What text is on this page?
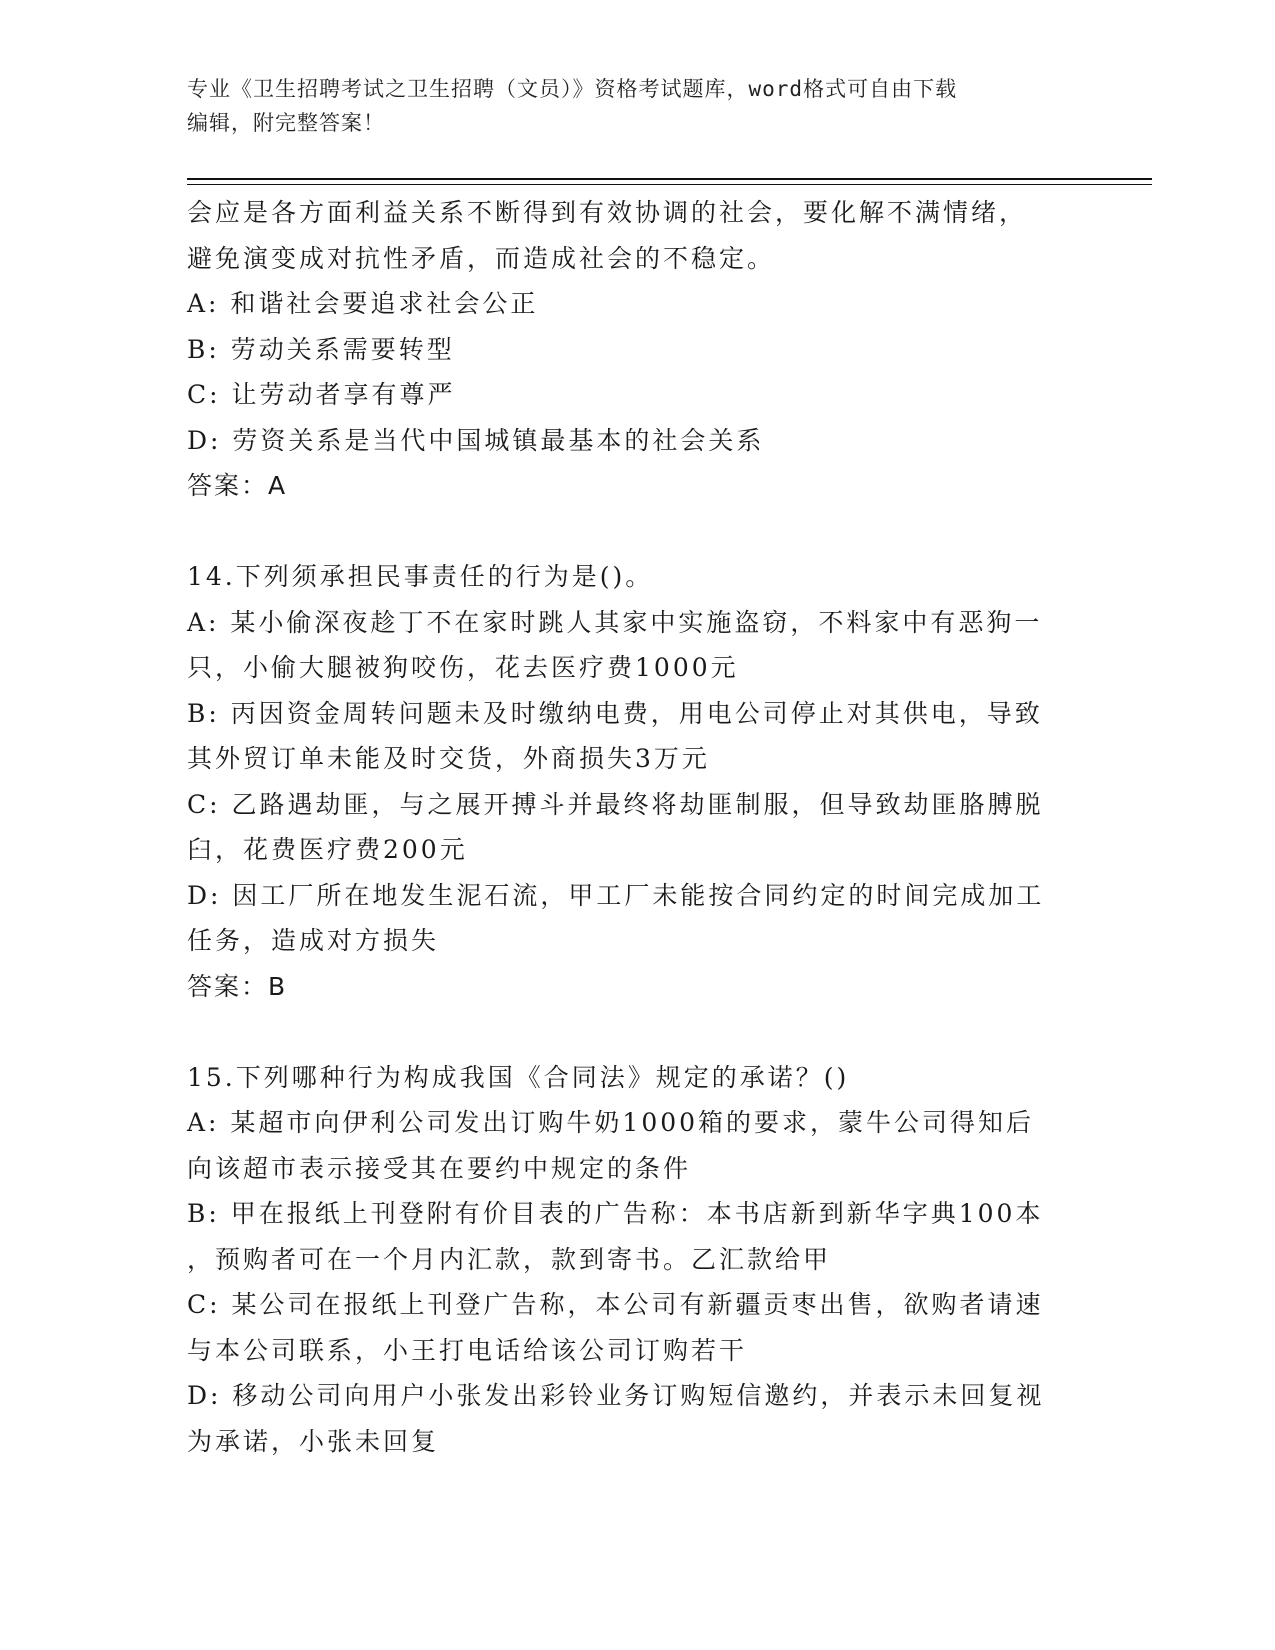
专业《卫生招聘考试之卫生招聘（文员）》资格考试题库，word格式可自由下载
编辑，附完整答案！
会应是各方面利益关系不断得到有效协调的社会，要化解不满情绪，
避免演变成对抗性矛盾，而造成社会的不稳定。
A: 和谐社会要追求社会公正
B: 劳动关系需要转型
C: 让劳动者享有尊严
D: 劳资关系是当代中国城镇最基本的社会关系
答案：A
14.下列须承担民事责任的行为是()。
A: 某小偷深夜趁丁不在家时跳人其家中实施盗窃，不料家中有恶狗一
只，小偷大腿被狗咬伤，花去医疗费1000元
B: 丙因资金周转问题未及时缴纳电费，用电公司停止对其供电，导致
其外贸订单未能及时交货，外商损失3万元
C: 乙路遇劫匪，与之展开搏斗并最终将劫匪制服，但导致劫匪胳膊脱
臼，花费医疗费200元
D: 因工厂所在地发生泥石流，甲工厂未能按合同约定的时间完成加工
任务，造成对方损失
答案：B
15.下列哪种行为构成我国《合同法》规定的承诺？()
A: 某超市向伊利公司发出订购牛奶1000箱的要求，蒙牛公司得知后
向该超市表示接受其在要约中规定的条件
B: 甲在报纸上刊登附有价目表的广告称：本书店新到新华字典100本
，预购者可在一个月内汇款，款到寄书。乙汇款给甲
C: 某公司在报纸上刊登广告称，本公司有新疆贡枣出售，欲购者请速
与本公司联系，小王打电话给该公司订购若干
D: 移动公司向用户小张发出彩铃业务订购短信邀约，并表示未回复视
为承诺，小张未回复
